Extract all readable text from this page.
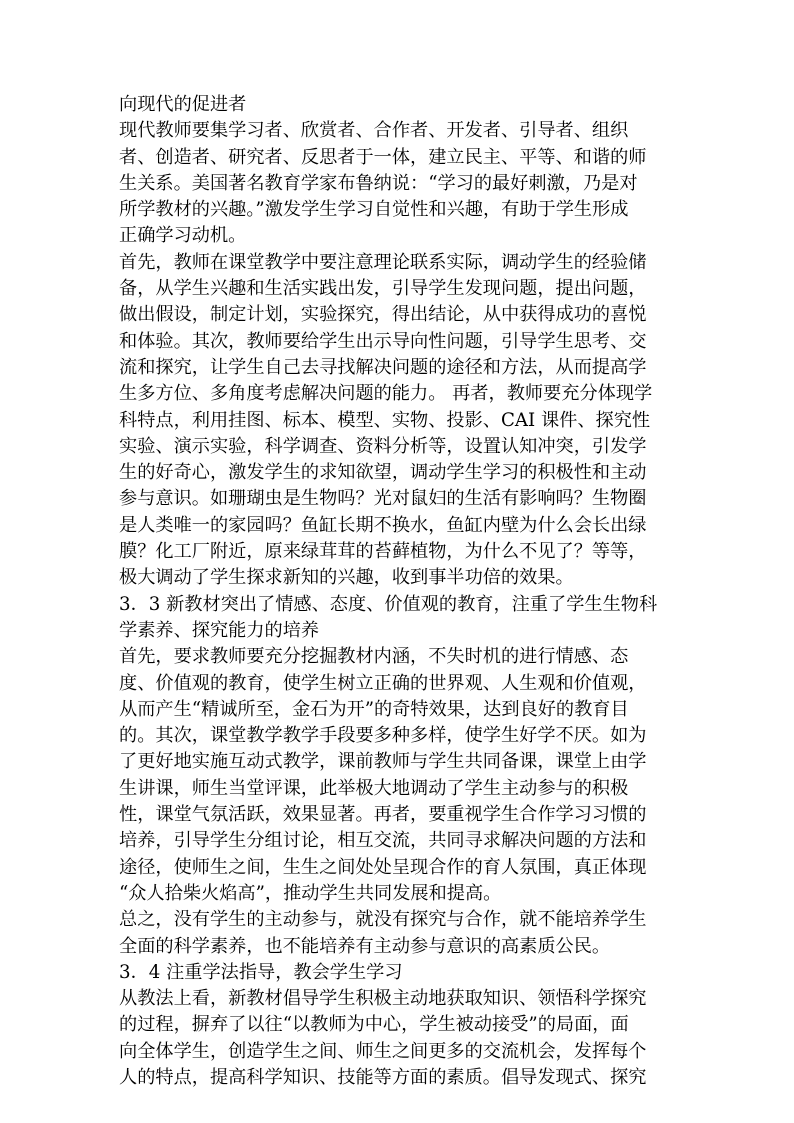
向现代的促进者
现代教师要集学习者、欣赏者、合作者、开发者、引导者、组织
者、创造者、研究者、反思者于一体，建立民主、平等、和谐的师
生关系。美国著名教育学家布鲁纳说：“学习的最好刺激，乃是对
所学教材的兴趣。”激发学生学习自觉性和兴趣，有助于学生形成
正确学习动机。
首先，教师在课堂教学中要注意理论联系实际，调动学生的经验储
备，从学生兴趣和生活实践出发，引导学生发现问题，提出问题，
做出假设，制定计划，实验探究，得出结论，从中获得成功的喜悦
和体验。其次，教师要给学生出示导向性问题，引导学生思考、交
流和探究，让学生自己去寻找解决问题的途径和方法，从而提高学
生多方位、多角度考虑解决问题的能力。 再者，教师要充分体现学
科特点，利用挂图、标本、模型、实物、投影、CAI 课件、探究性
实验、演示实验，科学调查、资料分析等，设置认知冲突，引发学
生的好奇心，激发学生的求知欲望，调动学生学习的积极性和主动
参与意识。如珊瑚虫是生物吗？光对鼠妇的生活有影响吗？生物圈
是人类唯一的家园吗？鱼缸长期不换水，鱼缸内壁为什么会长出绿
膜？化工厂附近，原来绿茸茸的苔藓植物，为什么不见了？等等，
极大调动了学生探求新知的兴趣，收到事半功倍的效果。
3．3 新教材突出了情感、态度、价值观的教育，注重了学生生物科
学素养、探究能力的培养
首先，要求教师要充分挖掘教材内涵，不失时机的进行情感、态
度、价值观的教育，使学生树立正确的世界观、人生观和价值观，
从而产生“精诚所至，金石为开”的奇特效果，达到良好的教育目
的。其次，课堂教学教学手段要多种多样，使学生好学不厌。如为
了更好地实施互动式教学，课前教师与学生共同备课，课堂上由学
生讲课，师生当堂评课，此举极大地调动了学生主动参与的积极
性，课堂气氛活跃，效果显著。再者，要重视学生合作学习习惯的
培养，引导学生分组讨论，相互交流，共同寻求解决问题的方法和
途径，使师生之间，生生之间处处呈现合作的育人氛围，真正体现
“众人拾柴火焰高”，推动学生共同发展和提高。
总之，没有学生的主动参与，就没有探究与合作，就不能培养学生
全面的科学素养，也不能培养有主动参与意识的高素质公民。
3．4 注重学法指导，教会学生学习
从教法上看，新教材倡导学生积极主动地获取知识、领悟科学探究
的过程，摒弃了以往“以教师为中心，学生被动接受”的局面，面
向全体学生，创造学生之间、师生之间更多的交流机会，发挥每个
人的特点，提高科学知识、技能等方面的素质。倡导发现式、探究
